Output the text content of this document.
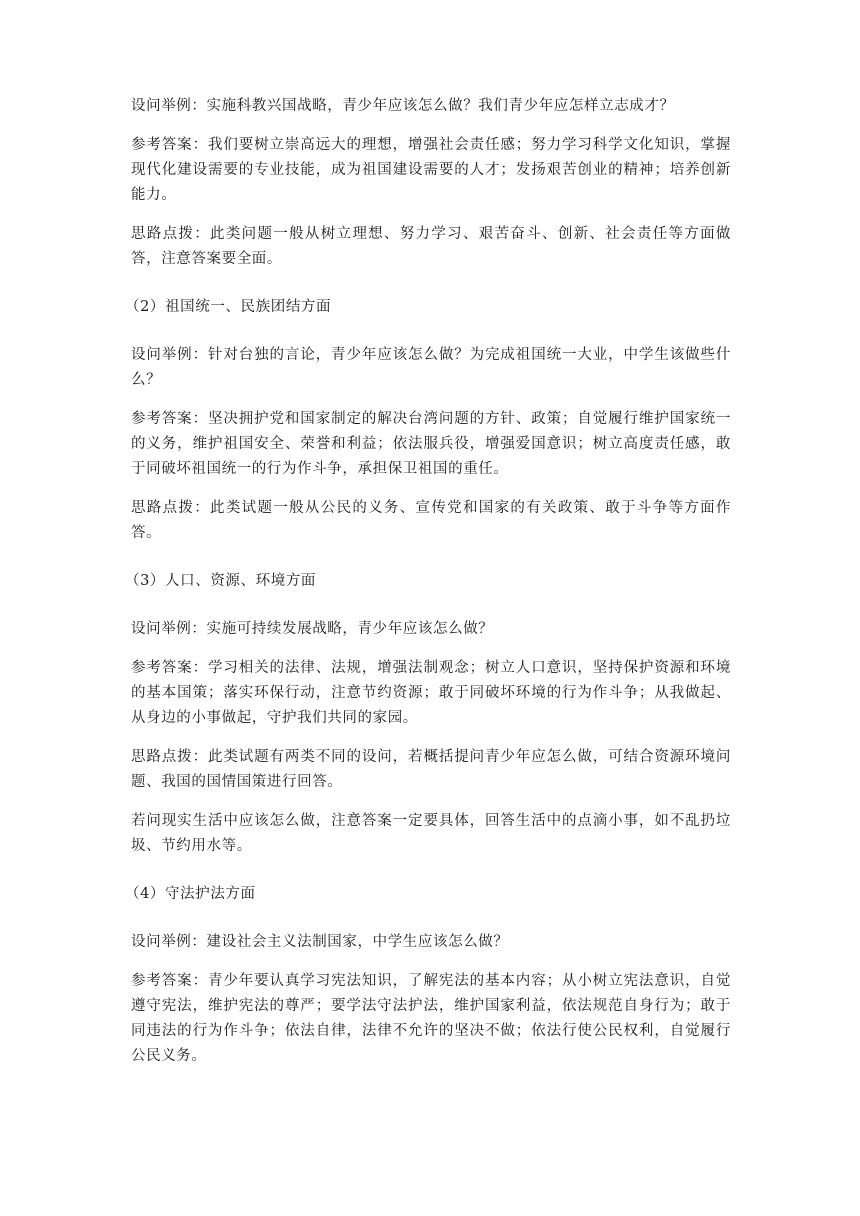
设问举例：实施科教兴国战略，青少年应该怎么做？我们青少年应怎样立志成才？

参考答案：我们要树立崇高远大的理想，增强社会责任感；努力学习科学文化知识，掌握现代化建设需要的专业技能，成为祖国建设需要的人才；发扬艰苦创业的精神；培养创新能力。

思路点拨：此类问题一般从树立理想、努力学习、艰苦奋斗、创新、社会责任等方面做答，注意答案要全面。

（2）祖国统一、民族团结方面

设问举例：针对台独的言论，青少年应该怎么做？为完成祖国统一大业，中学生该做些什么？

参考答案：坚决拥护党和国家制定的解决台湾问题的方针、政策；自觉履行维护国家统一的义务，维护祖国安全、荣誉和利益；依法服兵役，增强爱国意识；树立高度责任感，敢于同破坏祖国统一的行为作斗争，承担保卫祖国的重任。

思路点拨：此类试题一般从公民的义务、宣传党和国家的有关政策、敢于斗争等方面作答。

（3）人口、资源、环境方面

设问举例：实施可持续发展战略，青少年应该怎么做？

参考答案：学习相关的法律、法规，增强法制观念；树立人口意识，坚持保护资源和环境的基本国策；落实环保行动，注意节约资源；敢于同破坏环境的行为作斗争；从我做起、从身边的小事做起，守护我们共同的家园。

思路点拨：此类试题有两类不同的设问，若概括提问青少年应怎么做，可结合资源环境问题、我国的国情国策进行回答。

若问现实生活中应该怎么做，注意答案一定要具体，回答生活中的点滴小事，如不乱扔垃圾、节约用水等。

（4）守法护法方面

设问举例：建设社会主义法制国家，中学生应该怎么做？

参考答案：青少年要认真学习宪法知识，了解宪法的基本内容；从小树立宪法意识，自觉遵守宪法，维护宪法的尊严；要学法守法护法，维护国家利益，依法规范自身行为；敢于同违法的行为作斗争；依法自律，法律不允许的坚决不做；依法行使公民权利，自觉履行公民义务。
